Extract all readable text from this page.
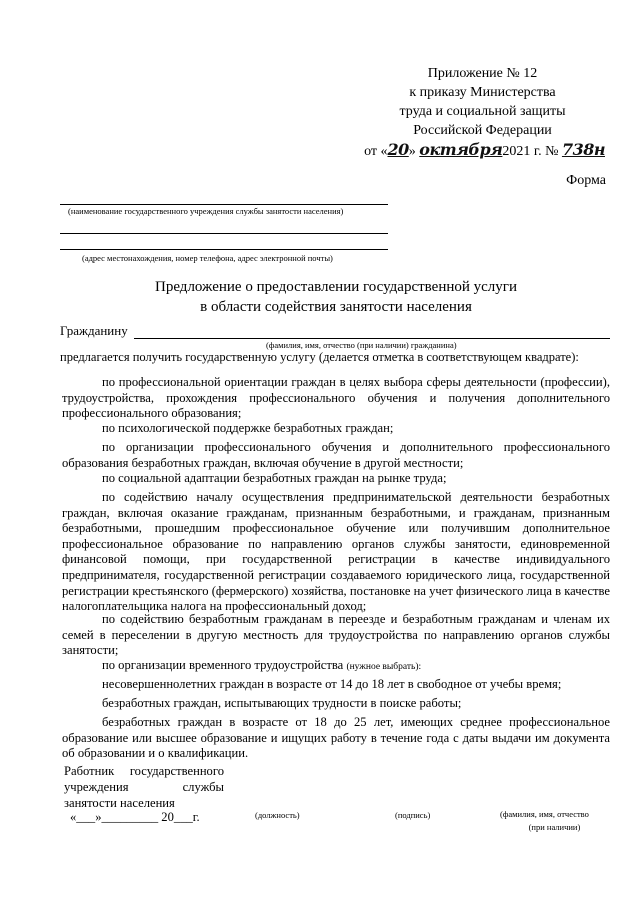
Приложение № 12
к приказу Министерства
труда и социальной защиты
Российской Федерации
от «20» октября2021 г. № 738н
Форма
(наименование государственного учреждения службы занятости населения)
(адрес местонахождения, номер телефона, адрес электронной почты)
Предложение о предоставлении государственной услуги
в области содействия занятости населения
Гражданину
(фамилия, имя, отчество (при наличии) гражданина)
предлагается получить государственную услугу (делается отметка в соответствующем квадрате):

по профессиональной ориентации граждан в целях выбора сферы деятельности (профессии), трудоустройства, прохождения профессионального обучения и получения дополнительного профессионального образования;

по психологической поддержке безработных граждан;

по организации профессионального обучения и дополнительного профессионального образования безработных граждан, включая обучение в другой местности;

по социальной адаптации безработных граждан на рынке труда;

по содействию началу осуществления предпринимательской деятельности безработных граждан, включая оказание гражданам, признанным безработными, и гражданам, признанным безработными, прошедшим профессиональное обучение или получившим дополнительное профессиональное образование по направлению органов службы занятости, единовременной финансовой помощи, при государственной регистрации в качестве индивидуального предпринимателя, государственной регистрации создаваемого юридического лица, государственной регистрации крестьянского (фермерского) хозяйства, постановке на учет физического лица в качестве налогоплательщика налога на профессиональный доход;

по содействию безработным гражданам в переезде и безработным гражданам и членам их семей в переселении в другую местность для трудоустройства по направлению органов службы занятости;

по организации временного трудоустройства (нужное выбрать):

несовершеннолетних граждан в возрасте от 14 до 18 лет в свободное от учебы время;

безработных граждан, испытывающих трудности в поиске работы;

безработных граждан в возрасте от 18 до 25 лет, имеющих среднее профессиональное образование или высшее образование и ищущих работу в течение года с даты выдачи им документа об образовании и о квалификации.

Работник государственного учреждения службы занятости населения
«___»_________ 20___г.	(должность)	(подпись)	(фамилия, имя, отчество
(при наличии)
